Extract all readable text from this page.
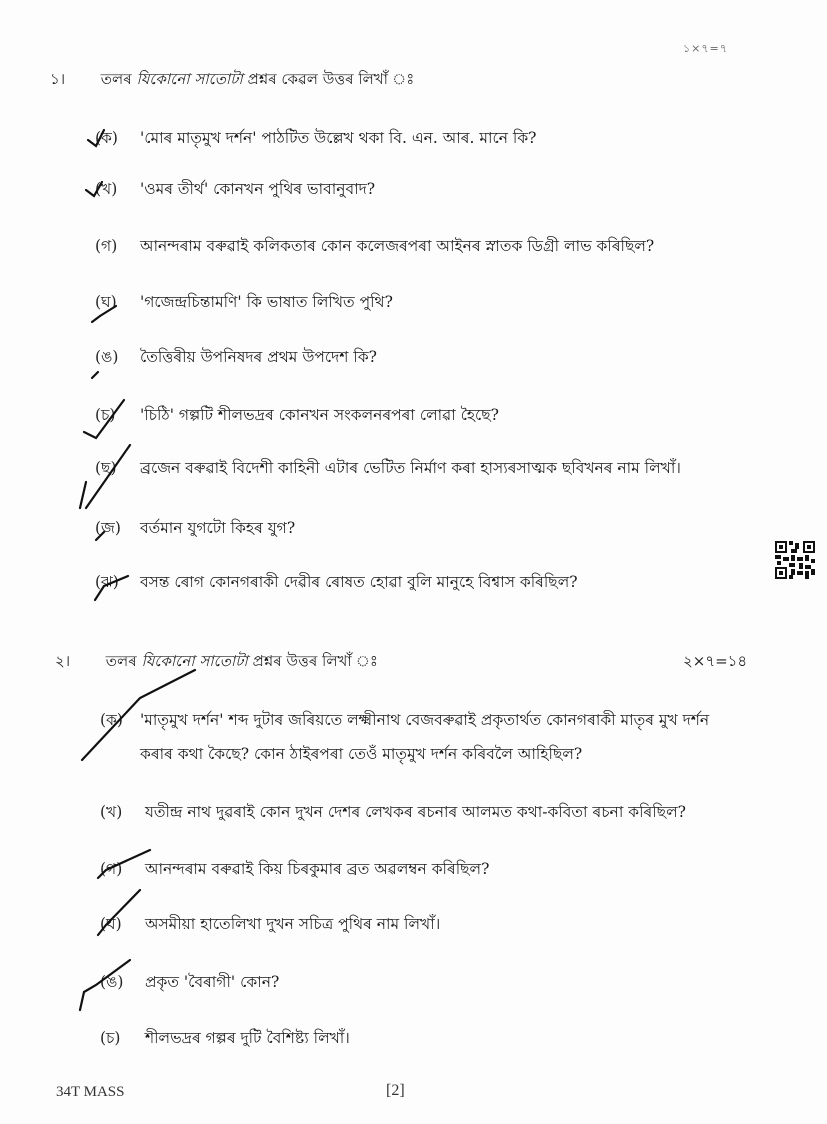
১×৭=৭
১। তলৰ যিকোনো সাতোটা প্ৰশ্নৰ কেৱল উত্তৰ লিখাঁ ঃ
(ক) 'মোৰ মাতৃমুখ দৰ্শন' পাঠটিত উল্লেখ থকা বি. এন. আৰ. মানে কি?
(খ) 'ওমৰ তীৰ্থ' কোনখন পুথিৰ ভাবানুবাদ?
(গ) আনন্দৰাম বৰুৱাই কলিকতাৰ কোন কলেজৰপৰা আইনৰ স্নাতক ডিগ্ৰী লাভ কৰিছিল?
(ঘ) 'গজেন্দ্ৰচিন্তামণি' কি ভাষাত লিখিত পুথি?
(ঙ) তৈত্তিৰীয় উপনিষদৰ প্ৰথম উপদেশ কি?
(চ) 'চিঠি' গল্পটি শীলভদ্ৰৰ কোনখন সংকলনৰপৰা লোৱা হৈছে?
(ছ) ব্ৰজেন বৰুৱাই বিদেশী কাহিনী এটাৰ ভেটিত নিৰ্মাণ কৰা হাস্যৰসাত্মক ছবিখনৰ নাম লিখাঁ।
(জ) বৰ্তমান যুগটো কিহৰ যুগ?
(ঝ) বসন্ত ৰোগ কোনগৰাকী দেৱীৰ ৰোষত হোৱা বুলি মানুহে বিশ্বাস কৰিছিল?
২। তলৰ যিকোনো সাতোটা প্ৰশ্নৰ উত্তৰ লিখাঁ ঃ	২×৭=১৪
(ক) 'মাতৃমুখ দৰ্শন' শব্দ দুটাৰ জৰিয়তে লক্ষ্মীনাথ বেজবৰুৱাই প্ৰকৃতাৰ্থত কোনগৰাকী মাতৃৰ মুখ দৰ্শন কৰাৰ কথা কৈছে? কোন ঠাইৰপৰা তেওঁ মাতৃমুখ দৰ্শন কৰিবলৈ আহিছিল?
(খ) যতীন্দ্ৰ নাথ দুৱৰাই কোন দুখন দেশৰ লেখকৰ ৰচনাৰ আলমত কথা-কবিতা ৰচনা কৰিছিল?
(গ) আনন্দৰাম বৰুৱাই কিয় চিৰকুমাৰ ব্ৰত অৱলম্বন কৰিছিল?
(ঘ) অসমীয়া হাতেলিখা দুখন সচিত্ৰ পুথিৰ নাম লিখাঁ।
(ঙ) প্ৰকৃত 'বৈৰাগী' কোন?
(চ) শীলভদ্ৰৰ গল্পৰ দুটি বৈশিষ্ট্য লিখাঁ।
34T MASS	[2]
